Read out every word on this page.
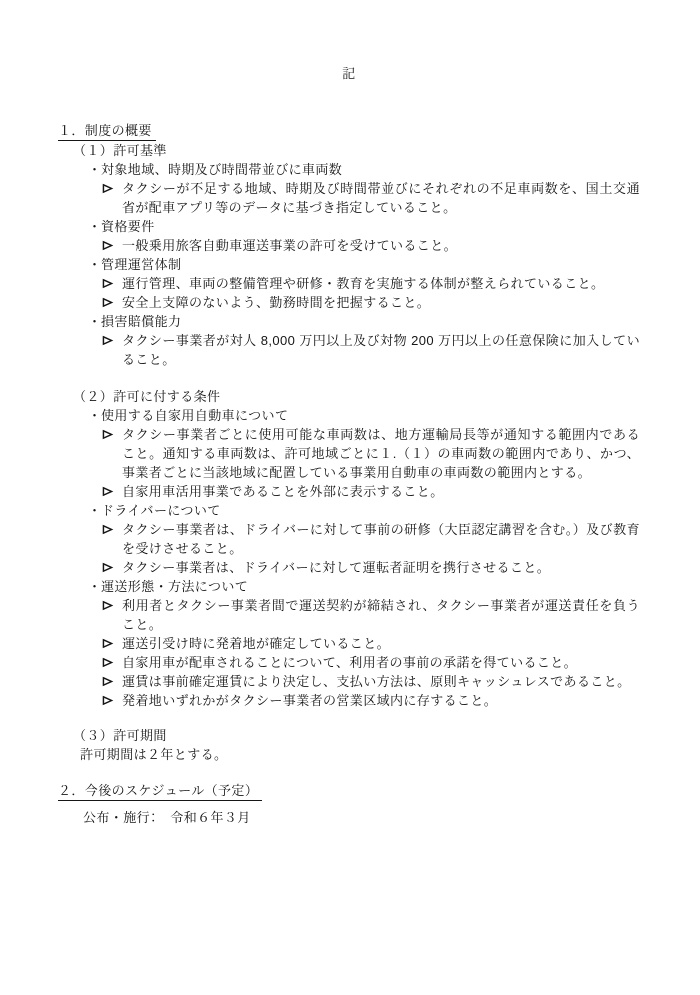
記
１．制度の概要
（１）許可基準
・ 対象地域、時期及び時間帯並びに車両数

タクシーが不足する地域、時期及び時間帯並びにそれぞれの不足車両数を、国土交通省が配車アプリ等のデータに基づき指定していること。

・ 資格要件

一般乗用旅客自動車運送事業の許可を受けていること。

・ 管理運営体制

運行管理、車両の整備管理や研修・教育を実施する体制が整えられていること。

安全上支障のないよう、勤務時間を把握すること。

・ 損害賠償能力

タクシー事業者が対人 8,000 万円以上及び対物 200 万円以上の任意保険に加入していること。

（２）許可に付する条件
・ 使用する自家用自動車について

タクシー事業者ごとに使用可能な車両数は、地方運輸局長等が通知する範囲内であること。通知する車両数は、許可地域ごとに１.（１）の車両数の範囲内であり、かつ、事業者ごとに当該地域に配置している事業用自動車の車両数の範囲内とする。

自家用車活用事業であることを外部に表示すること。

・ ドライバーについて

タクシー事業者は、ドライバーに対して事前の研修（大臣認定講習を含む。）及び教育を受けさせること。

タクシー事業者は、ドライバーに対して運転者証明を携行させること。

・ 運送形態・方法について

利用者とタクシー事業者間で運送契約が締結され、タクシー事業者が運送責任を負うこと。

運送引受け時に発着地が確定していること。

自家用車が配車されることについて、利用者の事前の承諾を得ていること。

運賃は事前確定運賃により決定し、支払い方法は、原則キャッシュレスであること。

発着地いずれかがタクシー事業者の営業区域内に存すること。

（３）許可期間
許可期間は２年とする。
２．今後のスケジュール（予定）
公布・施行：　令和６年３月
